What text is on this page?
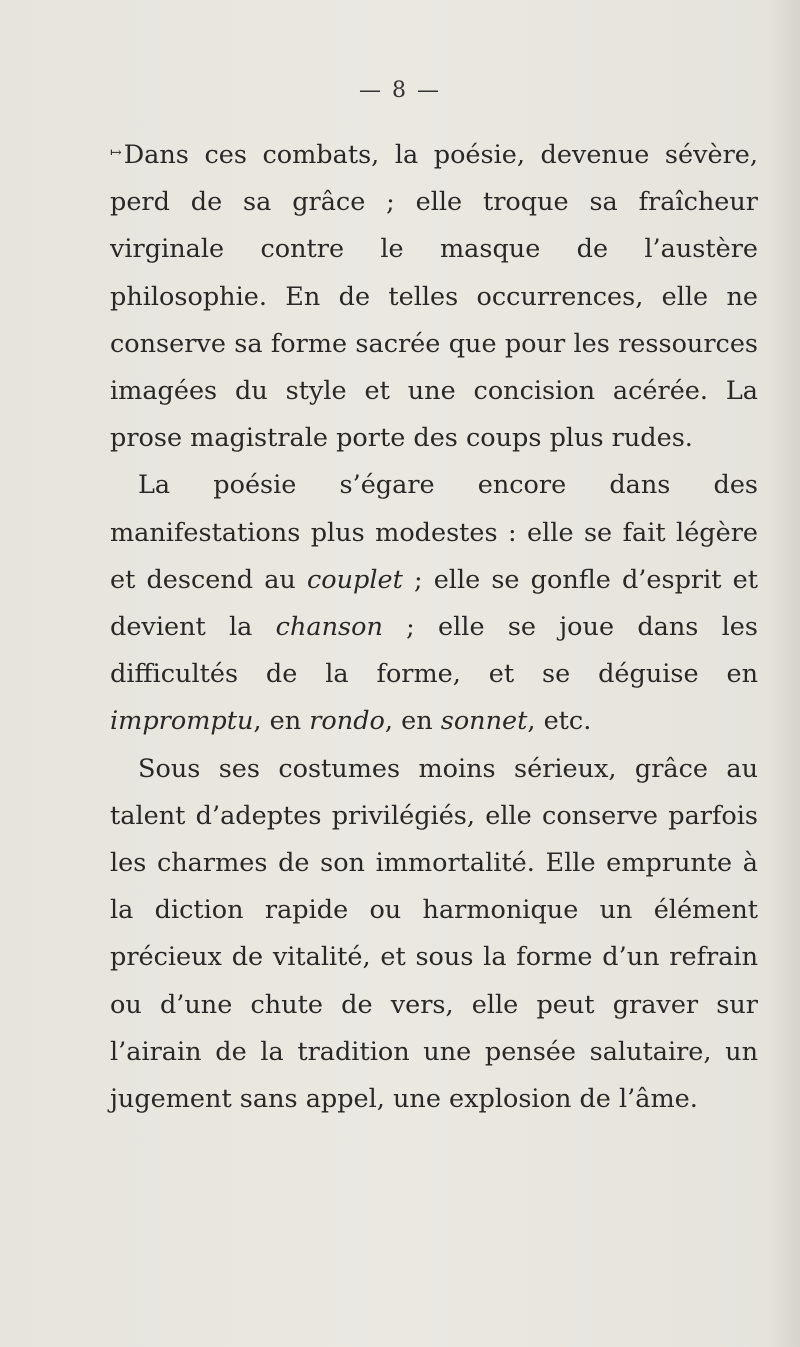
— 8 —

↦Dans ces combats, la poésie, devenue sévère, perd de sa grâce ; elle troque sa fraîcheur virginale contre le masque de l’austère philosophie. En de telles occurrences, elle ne conserve sa forme sacrée que pour les ressources imagées du style et une concision acérée. La prose magistrale porte des coups plus rudes.

La poésie s’égare encore dans des manifestations plus modestes : elle se fait légère et descend au couplet ; elle se gonfle d’esprit et devient la chanson ; elle se joue dans les difficultés de la forme, et se déguise en impromptu, en rondo, en sonnet, etc.

Sous ses costumes moins sérieux, grâce au talent d’adeptes privilégiés, elle conserve parfois les charmes de son immortalité. Elle emprunte à la diction rapide ou harmonique un élément précieux de vitalité, et sous la forme d’un refrain ou d’une chute de vers, elle peut graver sur l’airain de la tradition une pensée salutaire, un jugement sans appel, une explosion de l’âme.
